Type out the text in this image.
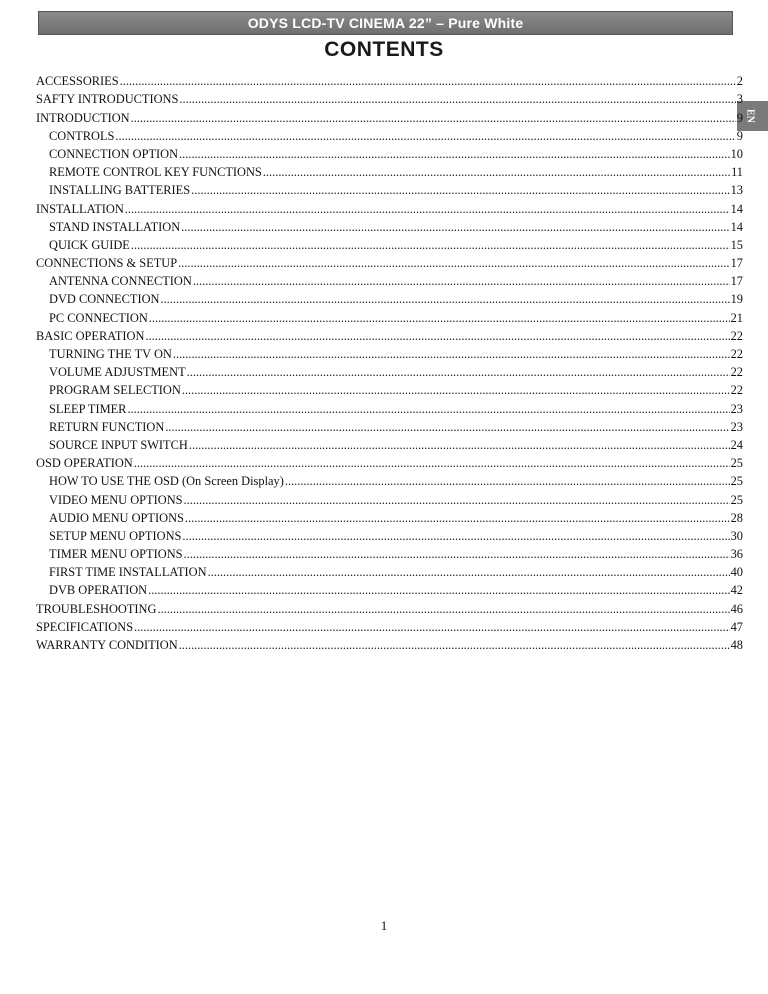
ODYS LCD-TV CINEMA 22” – Pure White
CONTENTS
EN
ACCESSORIES .....	2
SAFTY INTRODUCTIONS .....	3
INTRODUCTION .....	9
CONTROLS .....	9
CONNECTION OPTION .....	10
REMOTE CONTROL KEY FUNCTIONS .....	11
INSTALLING BATTERIES .....	13
INSTALLATION .....	14
STAND INSTALLATION .....	14
QUICK GUIDE .....	15
CONNECTIONS & SETUP .....	17
ANTENNA CONNECTION .....	17
DVD CONNECTION .....	19
PC CONNECTION .....	21
BASIC OPERATION .....	22
TURNING THE TV ON .....	22
VOLUME ADJUSTMENT .....	22
PROGRAM SELECTION .....	22
SLEEP TIMER .....	23
RETURN FUNCTION .....	23
SOURCE INPUT SWITCH .....	24
OSD OPERATION .....	25
HOW TO USE THE OSD (On Screen Display) .....	25
VIDEO MENU OPTIONS .....	25
AUDIO MENU OPTIONS .....	28
SETUP MENU OPTIONS .....	30
TIMER MENU OPTIONS .....	36
FIRST TIME INSTALLATION .....	40
DVB OPERATION .....	42
TROUBLESHOOTING .....	46
SPECIFICATIONS .....	47
WARRANTY CONDITION .....	48
1
